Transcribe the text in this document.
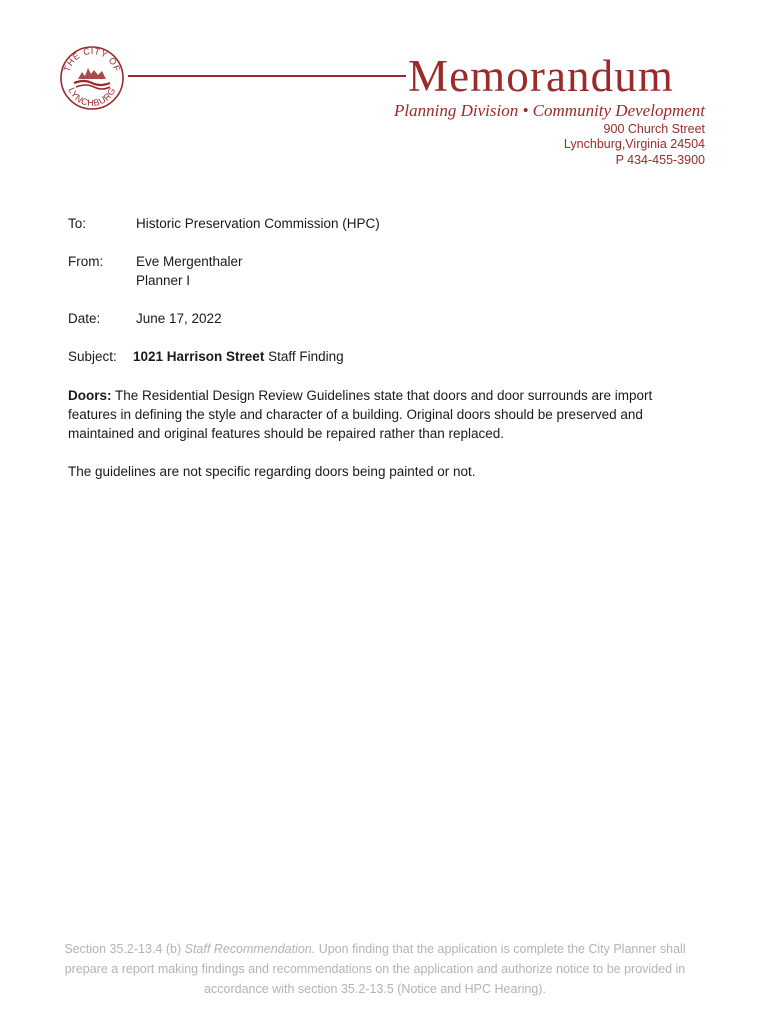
THE CITY OF
LYNCHBURG	Memorandum
Planning Division • Community Development
900 Church Street
Lynchburg,Virginia 24504
P 434-455-3900
To:	Historic Preservation Commission (HPC)
From: Eve Mergenthaler
Planner I
Date:	June 17, 2022
Subject: 1021 Harrison Street Staff Finding
Doors: The Residential Design Review Guidelines state that doors and door surrounds are import features in defining the style and character of a building. Original doors should be preserved and maintained and original features should be repaired rather than replaced.
The guidelines are not specific regarding doors being painted or not.
Section 35.2-13.4 (b) Staff Recommendation. Upon finding that the application is complete the City Planner shall prepare a report making findings and recommendations on the application and authorize notice to be provided in accordance with section 35.2-13.5 (Notice and HPC Hearing).
